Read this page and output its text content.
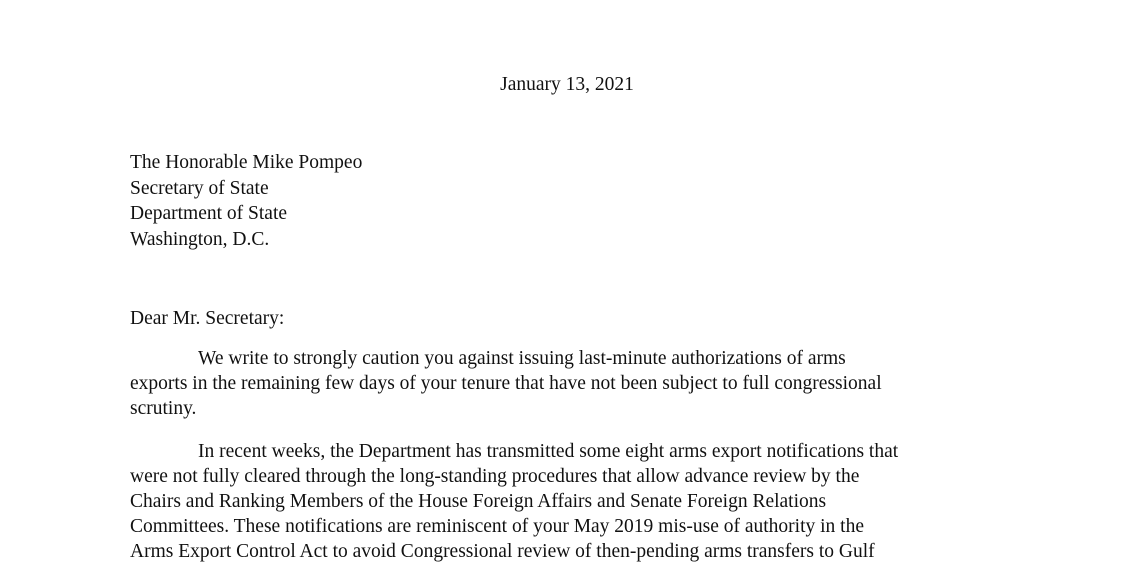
January 13, 2021
The Honorable Mike Pompeo
Secretary of State
Department of State
Washington, D.C.
Dear Mr. Secretary:
We write to strongly caution you against issuing last-minute authorizations of arms
exports in the remaining few days of your tenure that have not been subject to full congressional
scrutiny.
In recent weeks, the Department has transmitted some eight arms export notifications that
were not fully cleared through the long-standing procedures that allow advance review by the
Chairs and Ranking Members of the House Foreign Affairs and Senate Foreign Relations
Committees. These notifications are reminiscent of your May 2019 mis-use of authority in the
Arms Export Control Act to avoid Congressional review of then-pending arms transfers to Gulf
